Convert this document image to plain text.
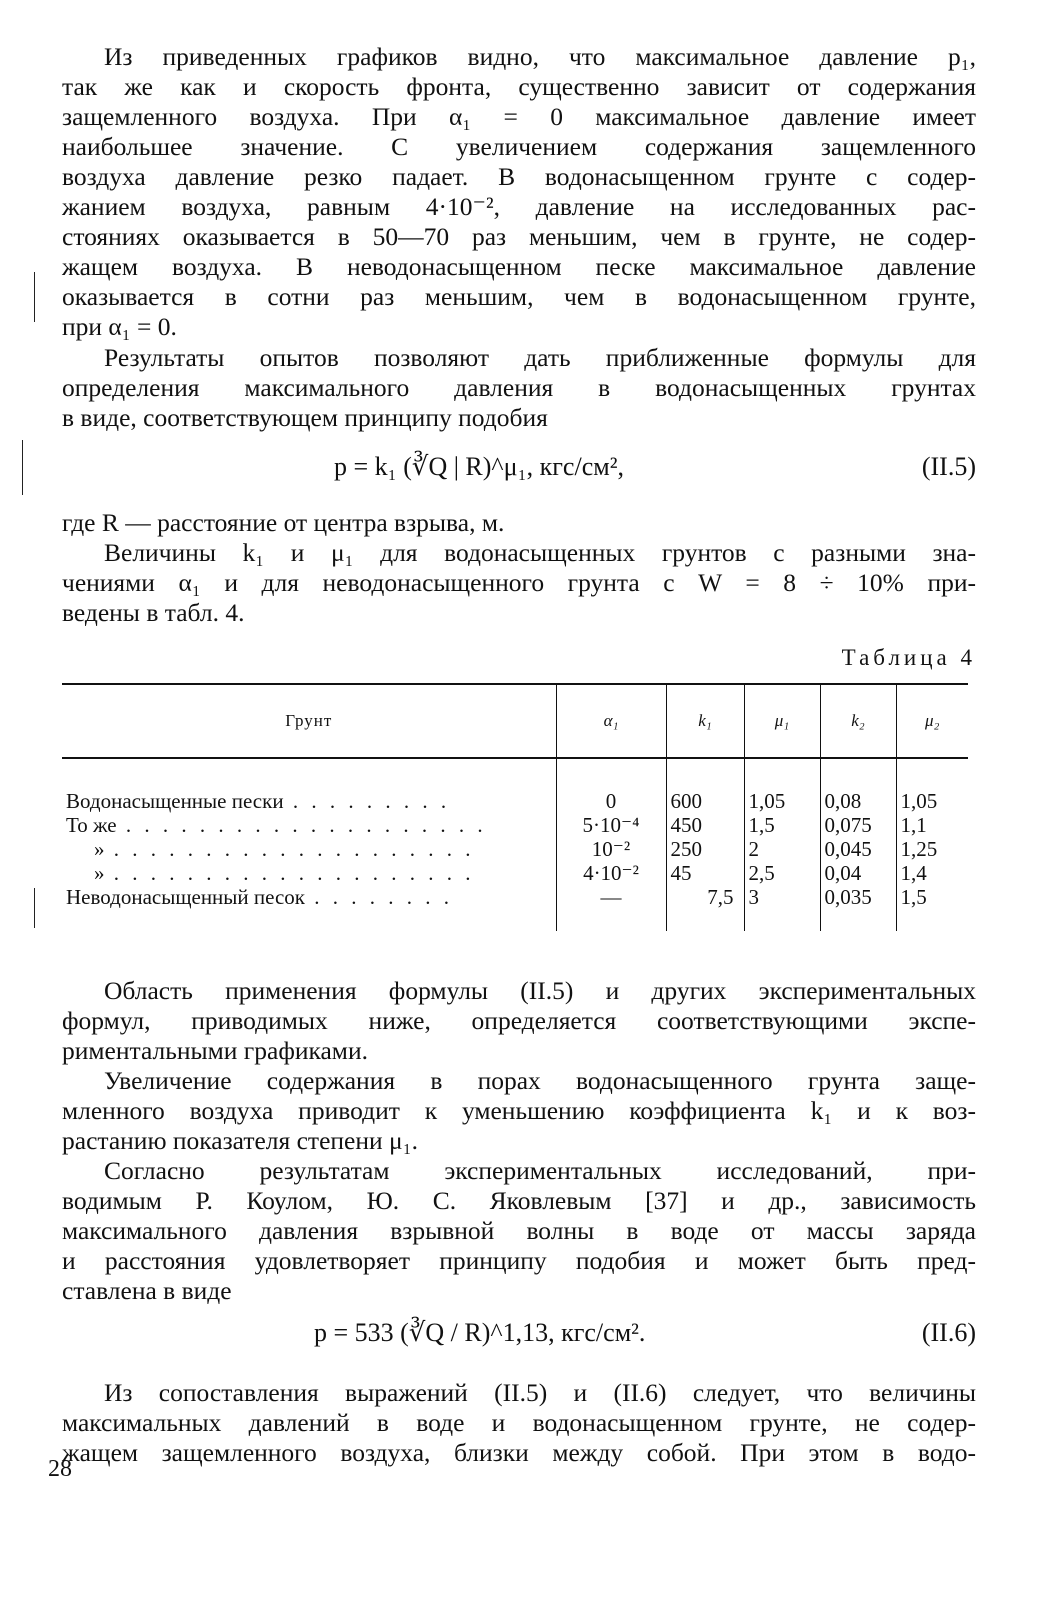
Из приведенных графиков видно, что максимальное давление p₁,
так же как и скорость фронта, существенно зависит от содержания
защемленного воздуха. При α₁ = 0 максимальное давление имеет
наибольшее значение. С увеличением содержания защемленного
воздуха давление резко падает. В водонасыщенном грунте с содер-
жанием воздуха, равным 4·10⁻², давление на исследованных рас-
стояниях оказывается в 50—70 раз меньшим, чем в грунте, не содер-
жащем воздуха. В неводонасыщенном песке максимальное давление
оказывается в сотни раз меньшим, чем в водонасыщенном грунте,
при α₁ = 0.

Результаты опытов позволяют дать приближенные формулы для
определения максимального давления в водонасыщенных грунтах
в виде, соответствующем принципу подобия

p = k₁ (∛Q | R)^μ₁, кгс/см²,	(II.5)

где R — расстояние от центра взрыва, м.

Величины k₁ и μ₁ для водонасыщенных грунтов с разными зна-
чениями α₁ и для неводонасыщенного грунта с W = 8 ÷ 10% при-
ведены в табл. 4.

Таблица 4
Грунт	α₁	k₁	μ₁	k₂	μ₂
Водонасыщенные пески . . . . . . . . .	0	600	1,05	0,08	1,05
То же . . . . . . . . . . . . . . . . . . . .	5·10⁻⁴	450	1,5	0,075	1,1
» . . . . . . . . . . . . . . . . . . . .	10⁻²	250	2	0,045	1,25
» . . . . . . . . . . . . . . . . . . . .	4·10⁻²	45	2,5	0,04	1,4
Неводонасыщенный песок . . . . . . . .	—	7,5	3	0,035	1,5

Область применения формулы (II.5) и других экспериментальных
формул, приводимых ниже, определяется соответствующими экспе-
риментальными графиками.

Увеличение содержания в порах водонасыщенного грунта заще-
мленного воздуха приводит к уменьшению коэффициента k₁ и к воз-
растанию показателя степени μ₁.

Согласно результатам экспериментальных исследований, при-
водимым Р. Коулом, Ю. С. Яковлевым [37] и др., зависимость
максимального давления взрывной волны в воде от массы заряда
и расстояния удовлетворяет принципу подобия и может быть пред-
ставлена в виде

p = 533 (∛Q / R)^1,13, кгс/см².	(II.6)

Из сопоставления выражений (II.5) и (II.6) следует, что величины
максимальных давлений в воде и водонасыщенном грунте, не содер-
жащем защемленного воздуха, близки между собой. При этом в водо-

28
